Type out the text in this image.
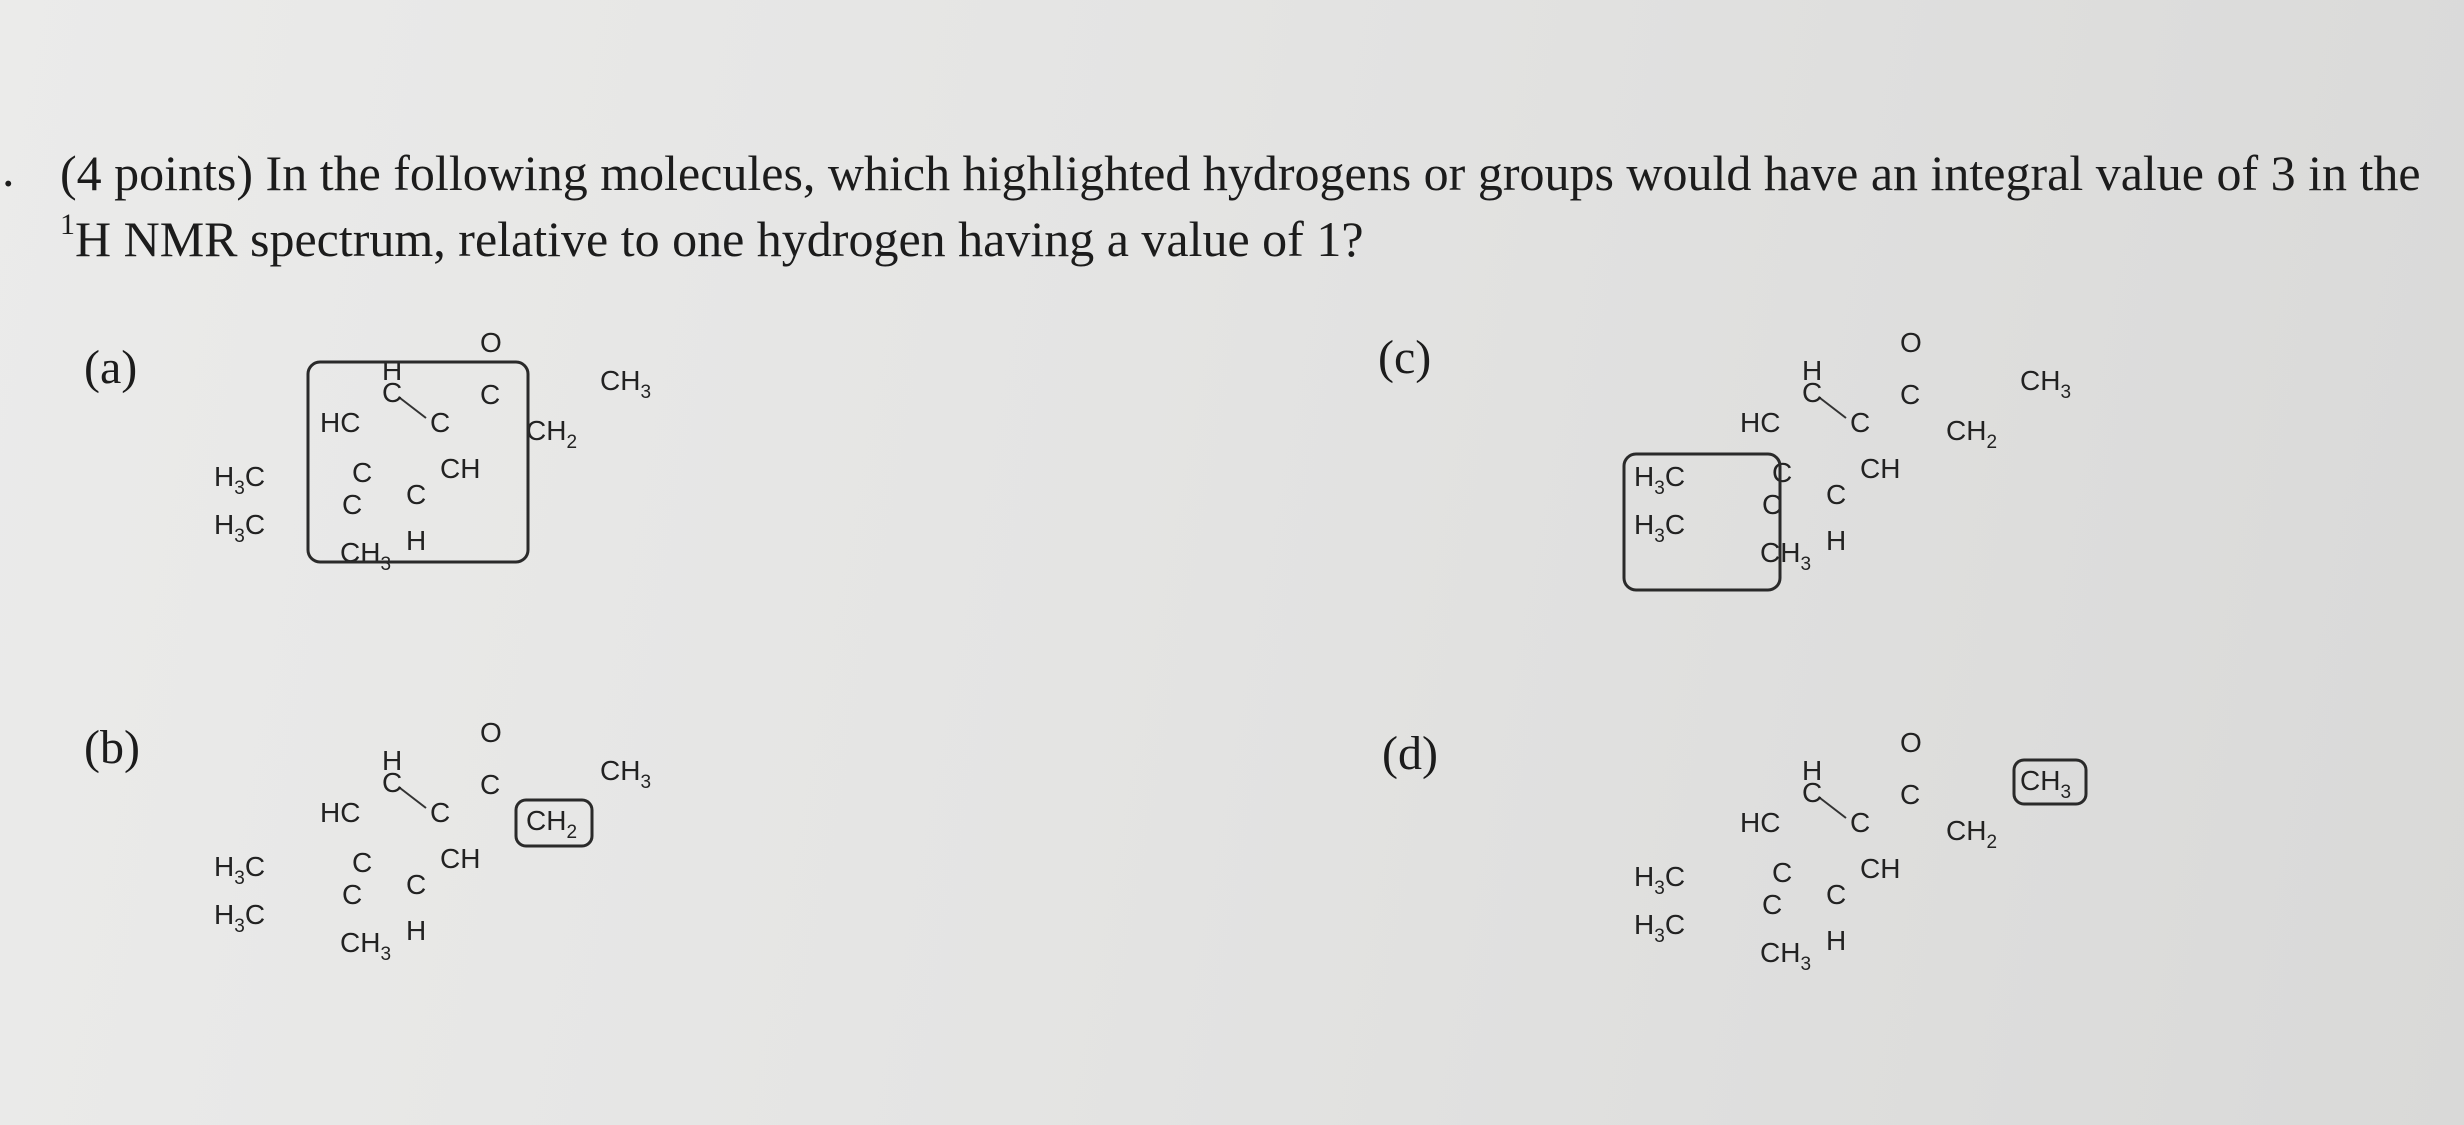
. (4 points) In the following molecules, which highlighted hydrogens or groups would have an integral value of 3 in the $^1$H NMR spectrum, relative to one hydrogen having a value of 1?

(a)
(b)
(c)
(d)
H
C
HC C
C CH
C
H
O
C
$CH_2$
$CH_3$
C
$H_3C$
$H_3C$
$CH_3$
H
C
HC C
C CH
C
H
O
C
$CH_2$
$CH_3$
C
$H_3C$
$H_3C$
$CH_3$
H
C
HC C
C CH
C
H
O
C
$CH_2$
$CH_3$
C
$H_3C$
$H_3C$
$CH_3$
H
C
HC C
C CH
C
H
O
C
$CH_2$
$CH_3$
C
$H_3C$
$H_3C$
$CH_3$
